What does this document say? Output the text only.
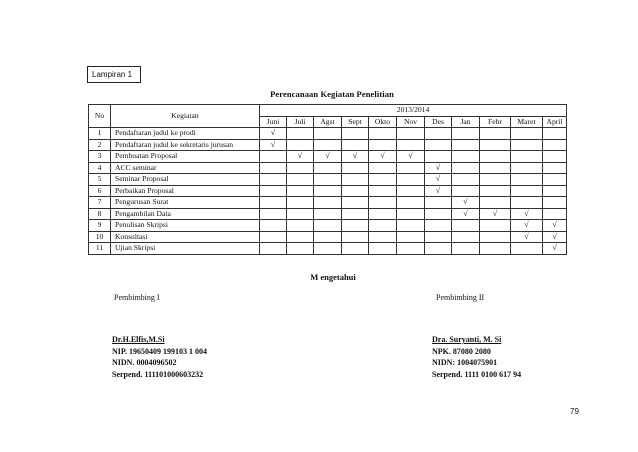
Lampiran 1
Perencanaan Kegiatan Penelitian
No	Kegiatan	2013/2014										
		Juni	Juli	Agst	Sept	Okto	Nov	Des	Jan	Febr	Maret	April
1	Pendaftaran judul ke prodi	√										
2	Pendaftaran judul ke sekretaris jurusan	√										
3	Pembuatan Proposal		√	√	√	√	√					
4	ACC seminar							√				
5	Seminar Proposal							√				
6	Perbaikan Proposal							√				
7	Pengurusan Surat								√			
8	Pengambilan Data								√	√	√	
9	Penulisan Skripsi										√	√
10	Konsultasi										√	√
11	Ujian Skripsi											√
M engetahui
Pembimbing I	Pembimbing II
Dr.H.Elfis,M.Si
NIP. 19650409 199103 1 004
NIDN. 0004096502
Serpend. 111101000603232
Dra. Suryanti, M. Si
NPK. 87080 2080
NIDN: 1004075901
Serpend. 1111 0100 617 94
79
